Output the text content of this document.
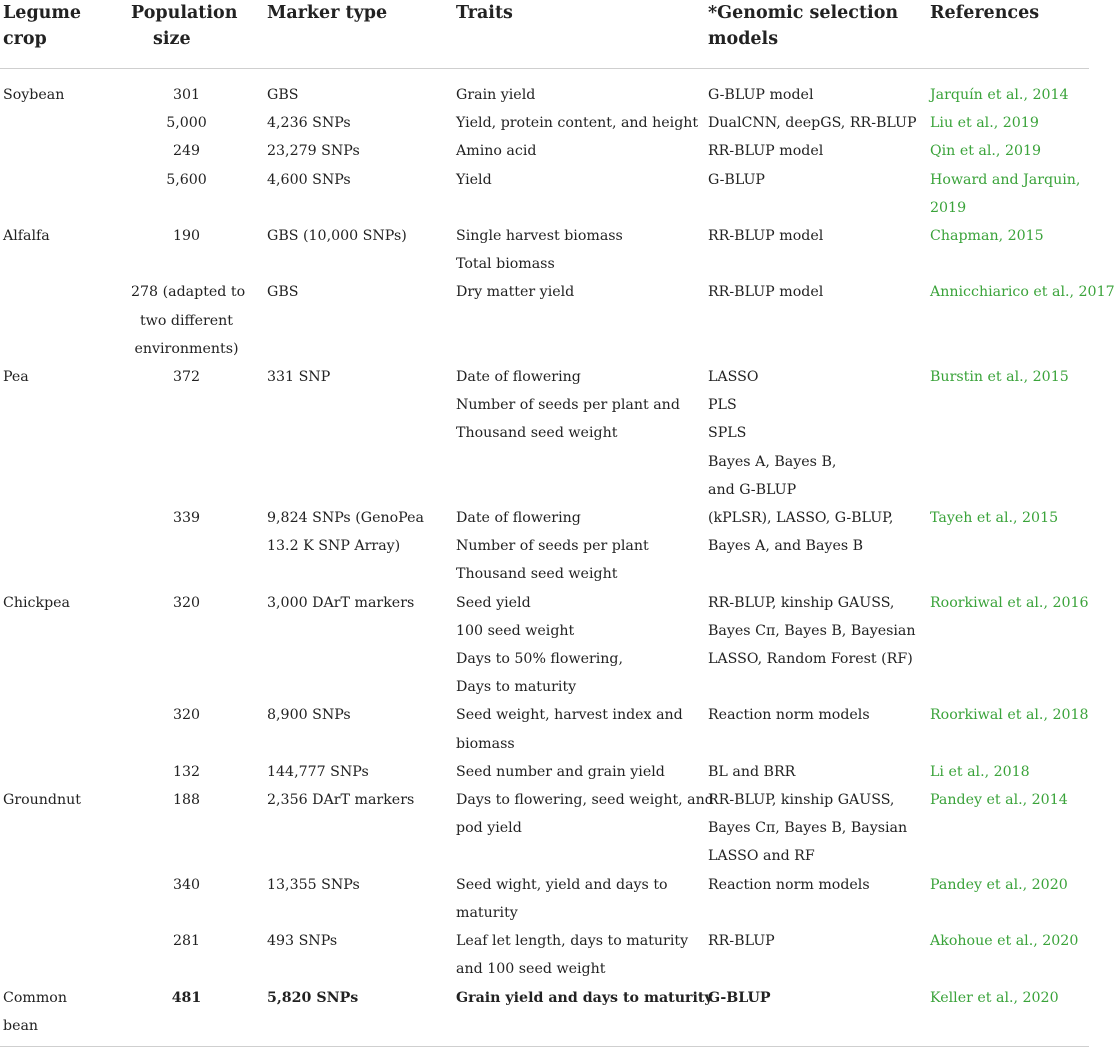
Legume
crop	Population
size	Marker type	Traits	*Genomic selection
models	References
Soybean	301	GBS	Grain yield	G-BLUP model	Jarquín et al., 2014

	5,000	4,236 SNPs	Yield, protein content, and height	DualCNN, deepGS, RR-BLUP	Liu et al., 2019

	249	23,279 SNPs	Amino acid	RR-BLUP model	Qin et al., 2019

	5,600	4,600 SNPs	Yield	G-BLUP	Howard and Jarquin,
2019

Alfalfa	190	GBS (10,000 SNPs)	Single harvest biomass
Total biomass	RR-BLUP model	Chapman, 2015

	278 (adapted to
two different
environments)	GBS	Dry matter yield	RR-BLUP model	Annicchiarico et al., 2017

Pea	372	331 SNP	Date of flowering
Number of seeds per plant and
Thousand seed weight	LASSO
PLS
SPLS
Bayes A, Bayes B,
and G-BLUP	Burstin et al., 2015

	339	9,824 SNPs (GenoPea
13.2 K SNP Array)	Date of flowering
Number of seeds per plant
Thousand seed weight	(kPLSR), LASSO, G-BLUP,
Bayes A, and Bayes B	Tayeh et al., 2015

Chickpea	320	3,000 DArT markers	Seed yield
100 seed weight
Days to 50% flowering,
Days to maturity	RR-BLUP, kinship GAUSS,
Bayes Cπ, Bayes B, Bayesian
LASSO, Random Forest (RF)	Roorkiwal et al., 2016

	320	8,900 SNPs	Seed weight, harvest index and
biomass	Reaction norm models	Roorkiwal et al., 2018

	132	144,777 SNPs	Seed number and grain yield	BL and BRR	Li et al., 2018

Groundnut	188	2,356 DArT markers	Days to flowering, seed weight, and
pod yield	RR-BLUP, kinship GAUSS,
Bayes Cπ, Bayes B, Baysian
LASSO and RF	Pandey et al., 2014

	340	13,355 SNPs	Seed wight, yield and days to
maturity	Reaction norm models	Pandey et al., 2020

	281	493 SNPs	Leaf let length, days to maturity
and 100 seed weight	RR-BLUP	Akohoue et al., 2020

Common
bean	481	5,820 SNPs	Grain yield and days to maturity	G-BLUP	Keller et al., 2020
